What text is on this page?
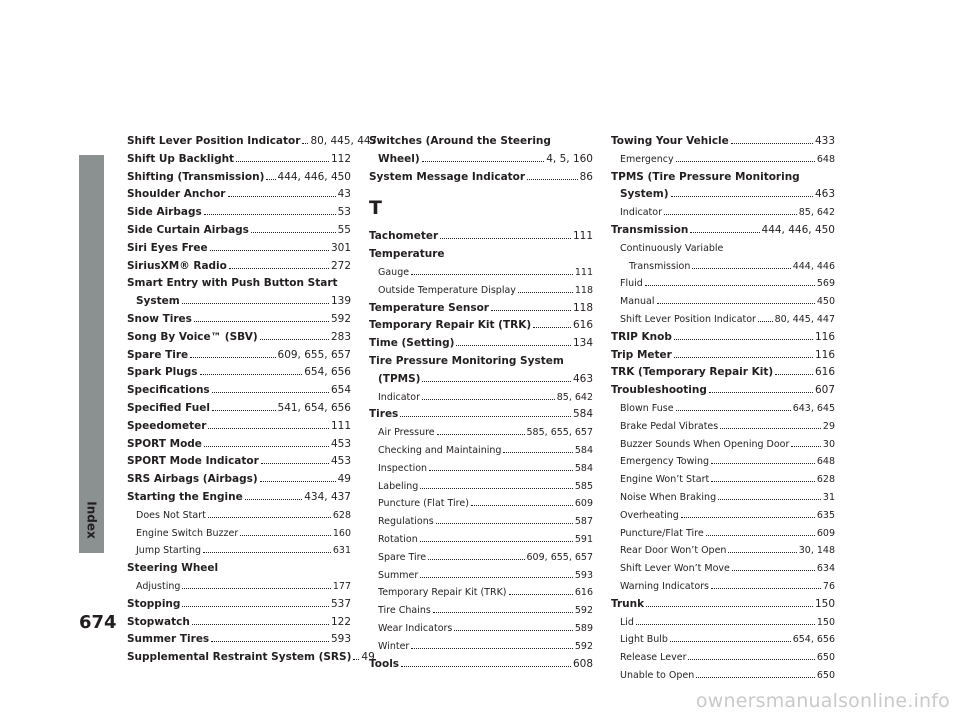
Index
674
ownersmanualsonline.info
Shift Lever Position Indicator 80, 445, 447
Shift Up Backlight	112
Shifting (Transmission) 444, 446, 450
Shoulder Anchor	43
Side Airbags	53
Side Curtain Airbags	55
Siri Eyes Free	301
SiriusXM® Radio	272
Smart Entry with Push Button Start
System	139
Snow Tires	592
Song By Voice™ (SBV)	283
Spare Tire	609, 655, 657
Spark Plugs	654, 656
Specifications	654
Specified Fuel	541, 654, 656
Speedometer	111
SPORT Mode	453
SPORT Mode Indicator	453
SRS Airbags (Airbags)	49
Starting the Engine	434, 437
Does Not Start	628
Engine Switch Buzzer	160
Jump Starting	631
Steering Wheel
Adjusting	177
Stopping	537
Stopwatch	122
Summer Tires	593
Supplemental Restraint System (SRS) 49
Switches (Around the Steering
Wheel)	4, 5, 160
System Message Indicator	86
T
Tachometer	111
Temperature
Gauge	111
Outside Temperature Display	118
Temperature Sensor	118
Temporary Repair Kit (TRK)	616
Time (Setting)	134
Tire Pressure Monitoring System
(TPMS)	463
Indicator	85, 642
Tires	584
Air Pressure	585, 655, 657
Checking and Maintaining	584
Inspection	584
Labeling	585
Puncture (Flat Tire)	609
Regulations	587
Rotation	591
Spare Tire	609, 655, 657
Summer	593
Temporary Repair Kit (TRK)	616
Tire Chains	592
Wear Indicators	589
Winter	592
Tools	608
Towing Your Vehicle	433
Emergency	648
TPMS (Tire Pressure Monitoring
System)	463
Indicator	85, 642
Transmission	444, 446, 450
Continuously Variable
Transmission	444, 446
Fluid	569
Manual	450
Shift Lever Position Indicator 80, 445, 447
TRIP Knob	116
Trip Meter	116
TRK (Temporary Repair Kit)	616
Troubleshooting	607
Blown Fuse	643, 645
Brake Pedal Vibrates	29
Buzzer Sounds When Opening Door	30
Emergency Towing	648
Engine Won’t Start	628
Noise When Braking	31
Overheating	635
Puncture/Flat Tire	609
Rear Door Won’t Open	30, 148
Shift Lever Won’t Move	634
Warning Indicators	76
Trunk	150
Lid	150
Light Bulb	654, 656
Release Lever	650
Unable to Open	650
